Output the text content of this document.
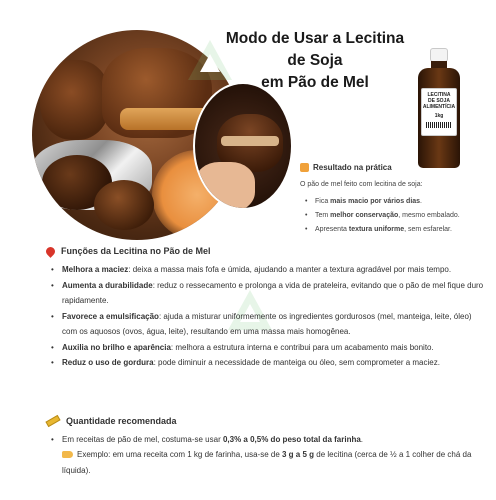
Modo de Usar a Lecitina de Soja
em Pão de Mel
LECITINA
DE SOJA
ALIMENTÍCIA
1kg
Resultado na prática
O pão de mel feito com lecitina de soja:
• Fica mais macio por vários dias.
• Tem melhor conservação, mesmo embalado.
• Apresenta textura uniforme, sem esfarelar.
Funções da Lecitina no Pão de Mel
• Melhora a maciez: deixa a massa mais fofa e úmida, ajudando a manter a textura agradável por mais tempo.
• Aumenta a durabilidade: reduz o ressecamento e prolonga a vida de prateleira, evitando que o pão de mel fique duro rapidamente.
• Favorece a emulsificação: ajuda a misturar uniformemente os ingredientes gordurosos (mel, manteiga, leite, óleo) com os aquosos (ovos, água, leite), resultando em uma massa mais homogênea.
• Auxilia no brilho e aparência: melhora a estrutura interna e contribui para um acabamento mais bonito.
• Reduz o uso de gordura: pode diminuir a necessidade de manteiga ou óleo, sem comprometer a maciez.
Quantidade recomendada
• Em receitas de pão de mel, costuma-se usar 0,3% a 0,5% do peso total da farinha.
Exemplo: em uma receita com 1 kg de farinha, usa-se de 3 g a 5 g de lecitina (cerca de ½ a 1 colher de chá da líquida).
